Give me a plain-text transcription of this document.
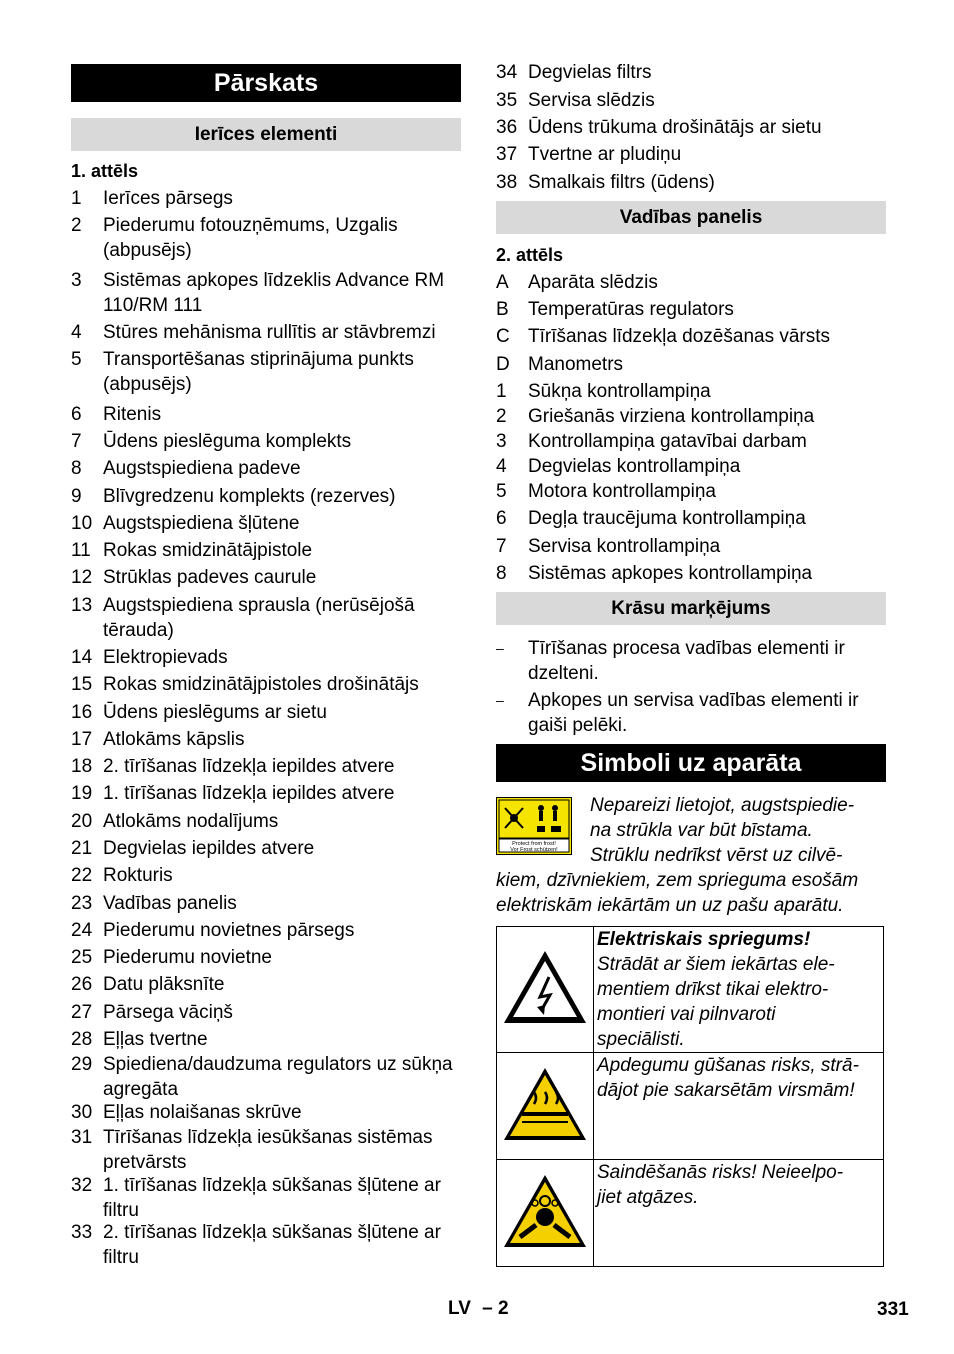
Pārskats
Ierīces elementi
1. attēls
1 Ierīces pārsegs
2 Piederumu fotouzņēmums, Uzgalis (abpusējs)
3 Sistēmas apkopes līdzeklis Advance RM 110/RM 111
4 Stūres mehānisma rullītis ar stāvbremzi
5 Transportēšanas stiprinājuma punkts (abpusējs)
6 Ritenis
7 Ūdens pieslēguma komplekts
8 Augstspiediena padeve
9 Blīvgredzenu komplekts (rezerves)
10 Augstspiediena šļūtene
11 Rokas smidzinātājpistole
12 Strūklas padeves caurule
13 Augstspiediena sprausla (nerūsējošā tērauda)
14 Elektropievads
15 Rokas smidzinātājpistoles drošinātājs
16 Ūdens pieslēgums ar sietu
17 Atlokāms kāpslis
18 2. tīrīšanas līdzekļa iepildes atvere
19 1. tīrīšanas līdzekļa iepildes atvere
20 Atlokāms nodalījums
21 Degvielas iepildes atvere
22 Rokturis
23 Vadības panelis
24 Piederumu novietnes pārsegs
25 Piederumu novietne
26 Datu plāksnīte
27 Pārsega vāciņš
28 Eļļas tvertne
29 Spiediena/daudzuma regulators uz sūkņa agregāta
30 Eļļas nolaišanas skrūve
31 Tīrīšanas līdzekļa iesūkšanas sistēmas pretvārsts
32 1. tīrīšanas līdzekļa sūkšanas šļūtene ar filtru
33 2. tīrīšanas līdzekļa sūkšanas šļūtene ar filtru
34 Degvielas filtrs
35 Servisa slēdzis
36 Ūdens trūkuma drošinātājs ar sietu
37 Tvertne ar pludiņu
38 Smalkais filtrs (ūdens)
Vadības panelis
2. attēls
A Aparāta slēdzis
B Temperatūras regulators
C Tīrīšanas līdzekļa dozēšanas vārsts
D Manometrs
1 Sūkņa kontrollampiņa
2 Griešanās virziena kontrollampiņa
3 Kontrollampiņa gatavībai darbam
4 Degvielas kontrollampiņa
5 Motora kontrollampiņa
6 Degļa traucējuma kontrollampiņa
7 Servisa kontrollampiņa
8 Sistēmas apkopes kontrollampiņa
Krāsu marķējums
– Tīrīšanas procesa vadības elementi ir dzelteni.
– Apkopes un servisa vadības elementi ir gaiši pelēki.
Simboli uz aparāta
Protect from frost!
Vor Frost schützen!
Nepareizi lietojot, augstspiedie-
na strūkla var būt bīstama.
Strūklu nedrīkst vērst uz cilvē-
kiem, dzīvniekiem, zem sprieguma esošām
elektriskām iekārtām un uz pašu aparātu.

Elektriskais spriegums!
Strādāt ar šiem iekārtas ele-
mentiem drīkst tikai elektro-
montieri vai pilnvaroti
speciālisti.

Apdegumu gūšanas risks, strā-
dājot pie sakarsētām virsmām!

Saindēšanās risks! Neieelpo-
jiet atgāzes.
LV – 2	331
